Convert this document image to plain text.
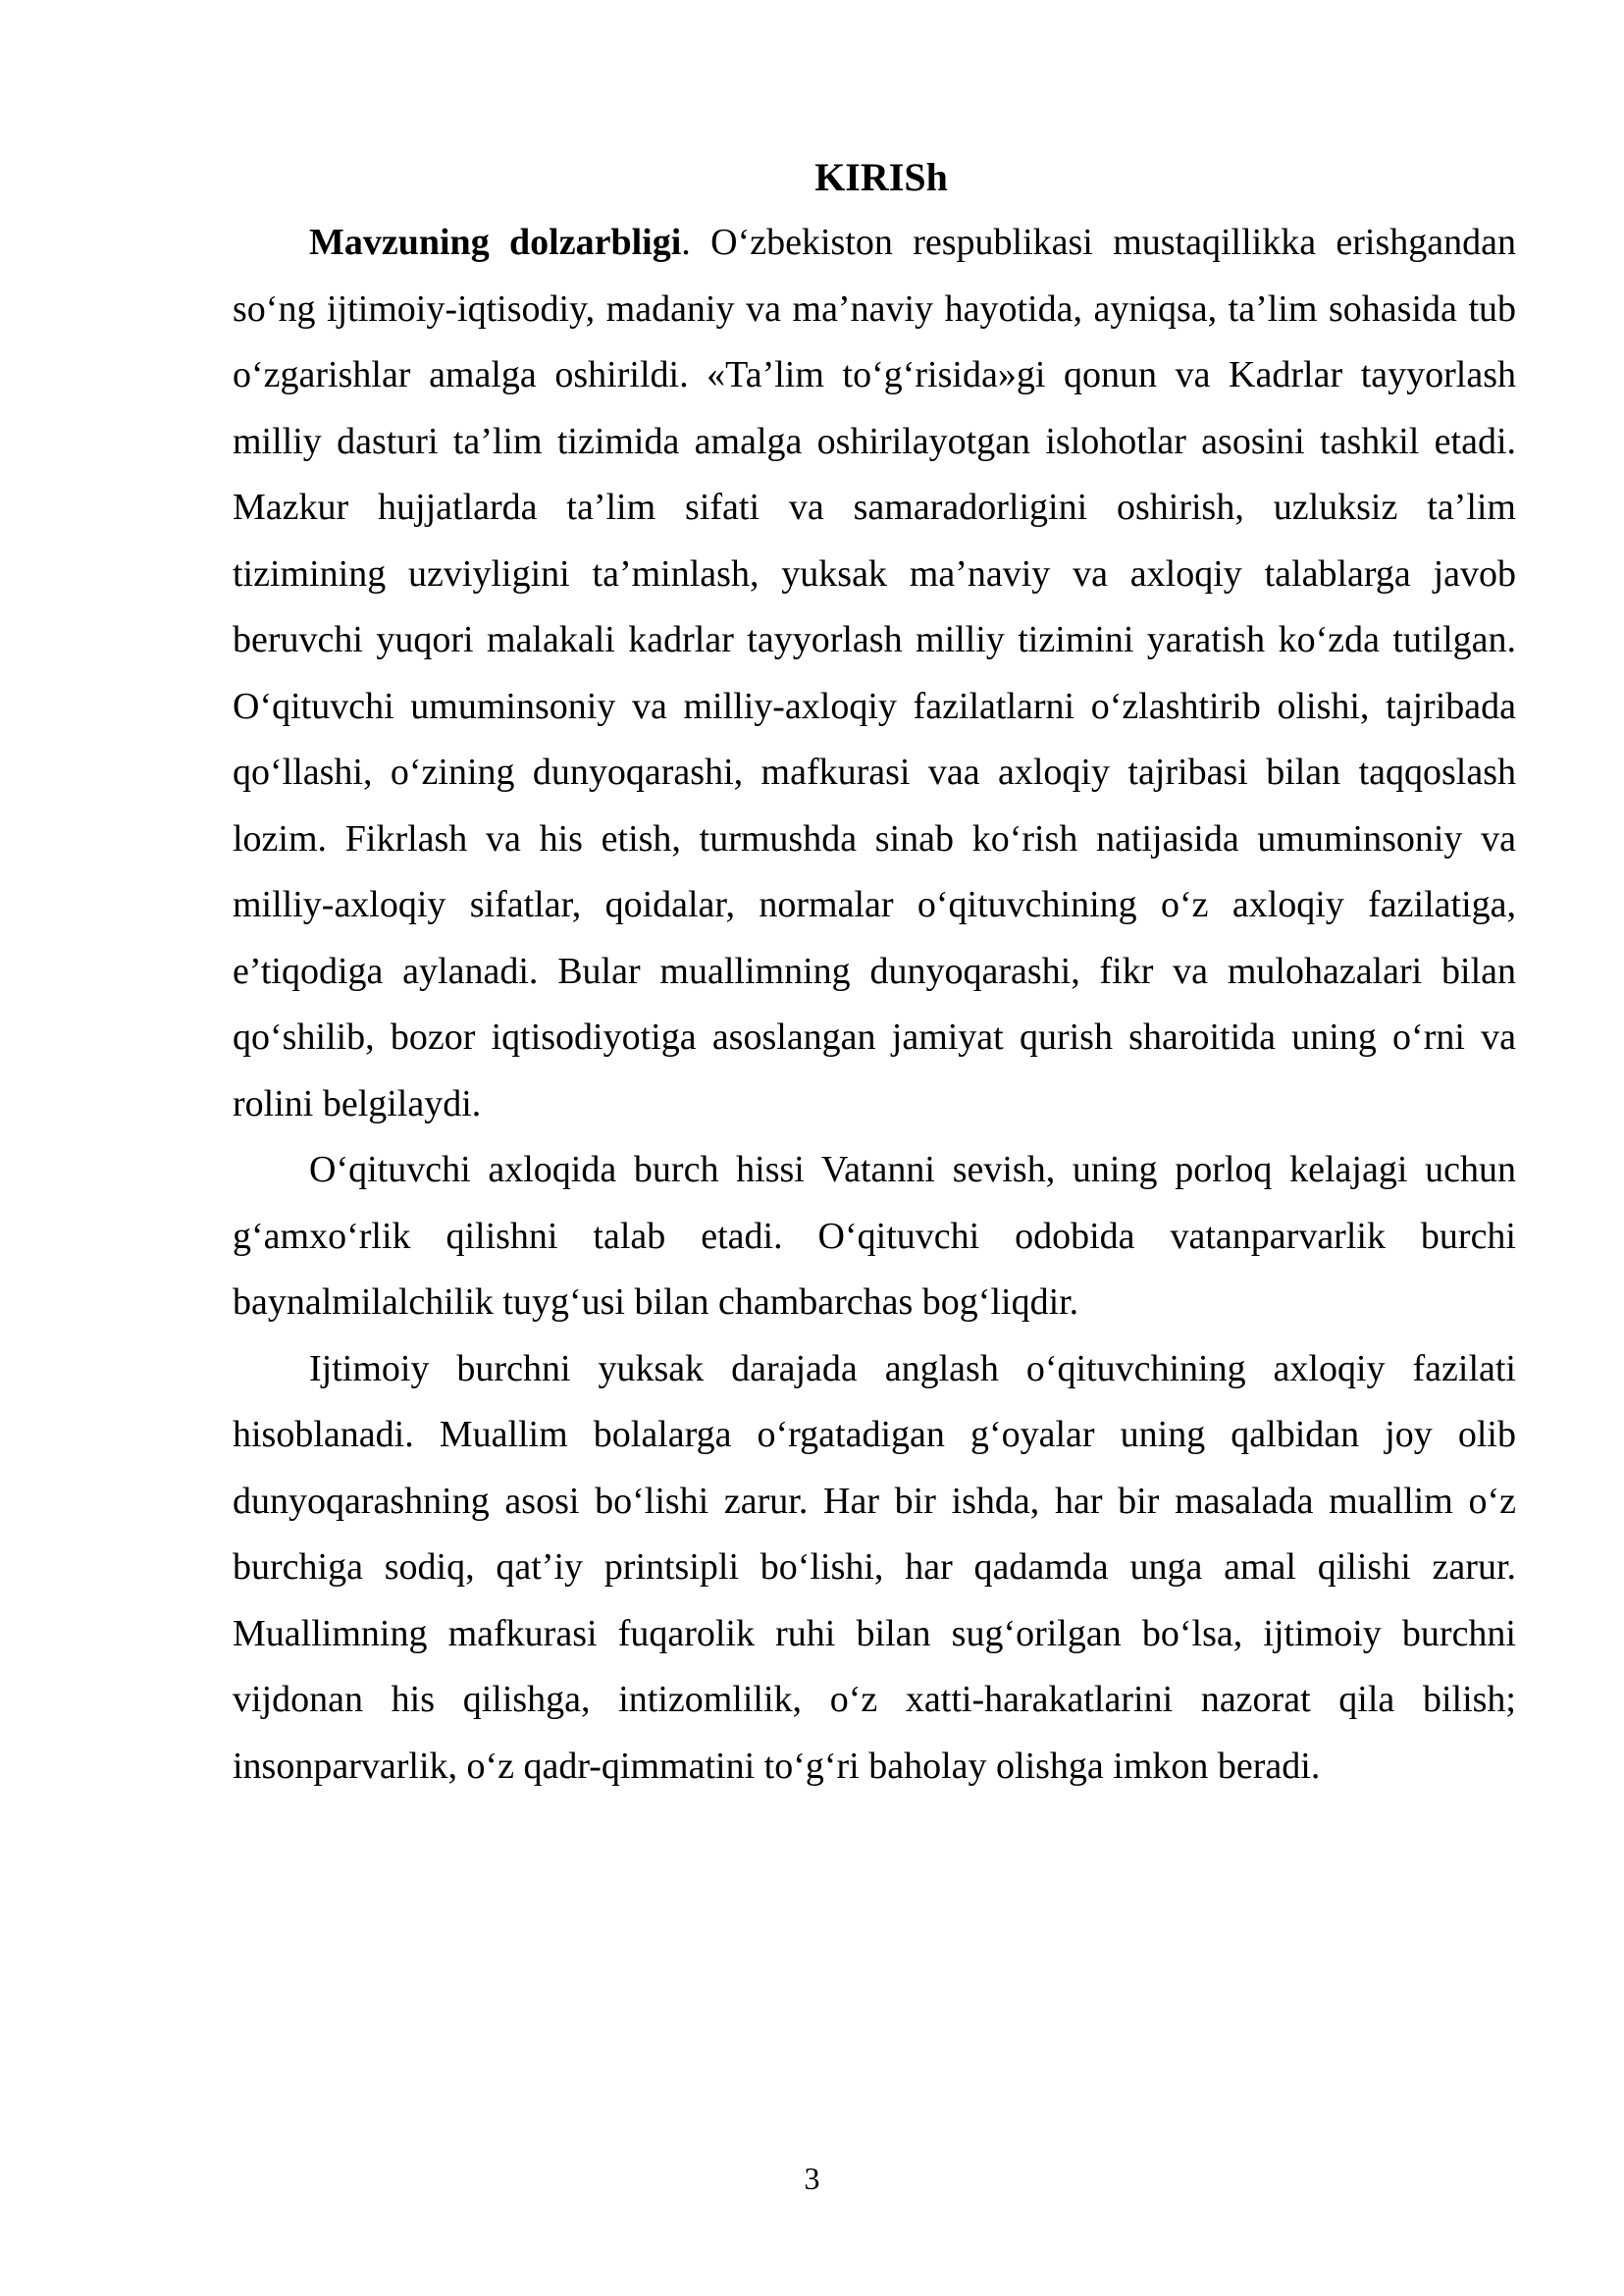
KIRISh

Mavzuning dolzarbligi. O‘zbekiston respublikasi mustaqillikka erishgandan so‘ng ijtimoiy-iqtisodiy, madaniy va ma’naviy hayotida, ayniqsa, ta’lim sohasida tub o‘zgarishlar amalga oshirildi. «Ta’lim to‘g‘risida»gi qonun va Kadrlar tayyorlash milliy dasturi ta’lim tizimida amalga oshirilayotgan islohotlar asosini tashkil etadi. Mazkur hujjatlarda ta’lim sifati va samaradorligini oshirish, uzluksiz ta’lim tizimining uzviyligini ta’minlash, yuksak ma’naviy va axloqiy talablarga javob beruvchi yuqori malakali kadrlar tayyorlash milliy tizimini yaratish ko‘zda tutilgan. O‘qituvchi umuminsoniy va milliy-axloqiy fazilatlarni o‘zlashtirib olishi, tajribada qo‘llashi, o‘zining dunyoqarashi, mafkurasi vaa axloqiy tajribasi bilan taqqoslash lozim. Fikrlash va his etish, turmushda sinab ko‘rish natijasida umuminsoniy va milliy-axloqiy sifatlar, qoidalar, normalar o‘qituvchining o‘z axloqiy fazilatiga, e’tiqodiga aylanadi. Bular muallimning dunyoqarashi, fikr va mulohazalari bilan qo‘shilib, bozor iqtisodiyotiga asoslangan jamiyat qurish sharoitida uning o‘rni va rolini belgilaydi.

O‘qituvchi axloqida burch hissi Vatanni sevish, uning porloq kelajagi uchun g‘amxo‘rlik qilishni talab etadi. O‘qituvchi odobida vatanparvarlik burchi baynalmilalchilik tuyg‘usi bilan chambarchas bog‘liqdir.

Ijtimoiy burchni yuksak darajada anglash o‘qituvchining axloqiy fazilati hisoblanadi. Muallim bolalarga o‘rgatadigan g‘oyalar uning qalbidan joy olib dunyoqarashning asosi bo‘lishi zarur. Har bir ishda, har bir masalada muallim o‘z burchiga sodiq, qat’iy printsipli bo‘lishi, har qadamda unga amal qilishi zarur. Muallimning mafkurasi fuqarolik ruhi bilan sug‘orilgan bo‘lsa, ijtimoiy burchni vijdonan his qilishga, intizomlilik, o‘z xatti-harakatlarini nazorat qila bilish; insonparvarlik, o‘z qadr-qimmatini to‘g‘ri baholay olishga imkon beradi.

3
